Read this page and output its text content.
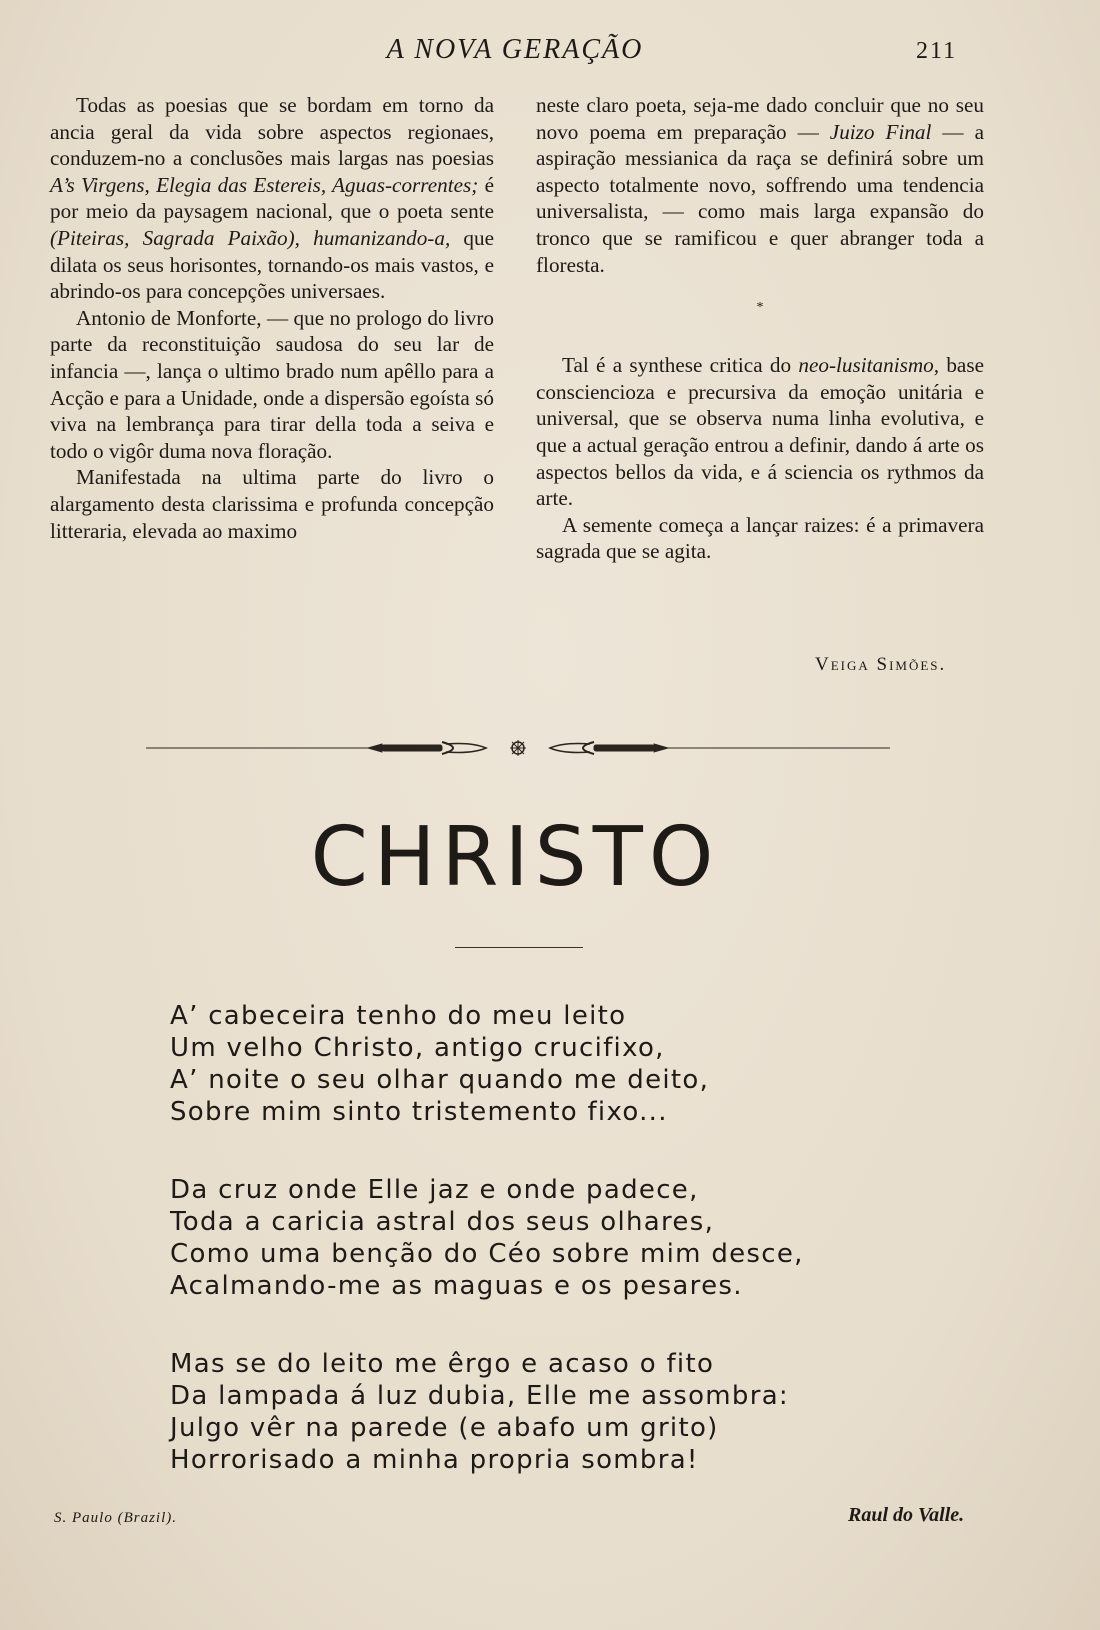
A NOVA GERAÇÃO	211

Todas as poesias que se bordam em torno da ancia geral da vida sobre aspectos regionaes, conduzem-no a conclusões mais largas nas poesias A’s Virgens, Elegia das Estereis, Aguas-correntes; é por meio da paysagem nacional, que o poeta sente (Piteiras, Sagrada Paixão), humanizando-a, que dilata os seus horisontes, tornando-os mais vastos, e abrindo-os para concepções universaes.

Antonio de Monforte, — que no prologo do livro parte da reconstituição saudosa do seu lar de infancia —, lança o ultimo brado num apêllo para a Acção e para a Unidade, onde a dispersão egoísta só viva na lembrança para tirar della toda a seiva e todo o vigôr duma nova floração.

Manifestada na ultima parte do livro o alargamento desta clarissima e profunda concepção litteraria, elevada ao maximo

neste claro poeta, seja-me dado concluir que no seu novo poema em preparação — Juizo Final — a aspiração messianica da raça se definirá sobre um aspecto totalmente novo, soffrendo uma tendencia universalista, — como mais larga expansão do tronco que se ramificou e quer abranger toda a floresta.

*

Tal é a synthese critica do neo-lusitanismo, base consciencioza e precursiva da emoção unitária e universal, que se observa numa linha evolutiva, e que a actual geração entrou a definir, dando á arte os aspectos bellos da vida, e á sciencia os rythmos da arte.

A semente começa a lançar raizes: é a primavera sagrada que se agita.

Veiga Simões.
CHRISTO
A’ cabeceira tenho do meu leito
Um velho Christo, antigo crucifixo,
A’ noite o seu olhar quando me deito,
Sobre mim sinto tristemento fixo...
Da cruz onde Elle jaz e onde padece,
Toda a caricia astral dos seus olhares,
Como uma benção do Céo sobre mim desce,
Acalmando-me as maguas e os pesares.
Mas se do leito me êrgo e acaso o fito
Da lampada á luz dubia, Elle me assombra:
Julgo vêr na parede (e abafo um grito)
Horrorisado a minha propria sombra!
S. Paulo (Brazil).	Raul do Valle.
